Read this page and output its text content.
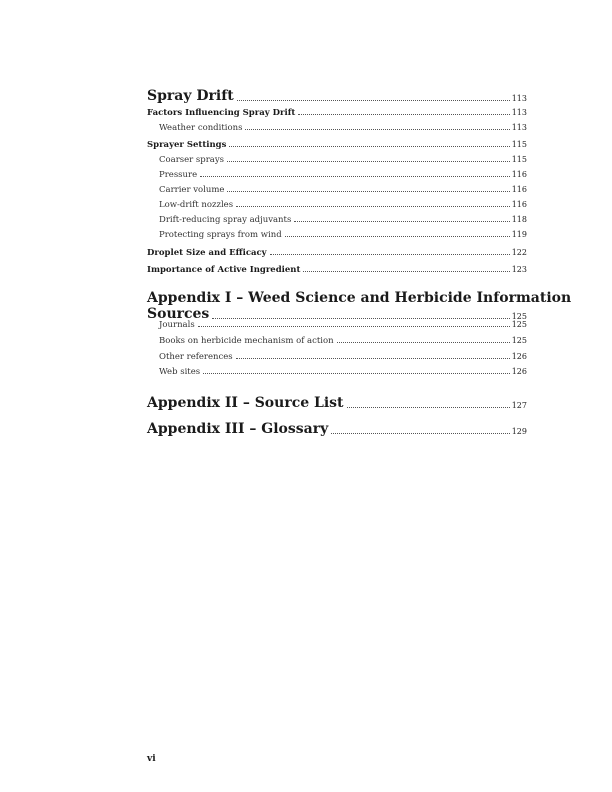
Spray Drift	113
Factors Influencing Spray Drift	113
Weather conditions	113
Sprayer Settings	115
Coarser sprays	115
Pressure	116
Carrier volume	116
Low-drift nozzles	116
Drift-reducing spray adjuvants	118
Protecting sprays from wind	119
Droplet Size and Efficacy	122
Importance of Active Ingredient	123
Appendix I – Weed Science and Herbicide Information
Sources	125
Journals	125
Books on herbicide mechanism of action	125
Other references	126
Web sites	126
Appendix II – Source List	127
Appendix III – Glossary	129
vi
